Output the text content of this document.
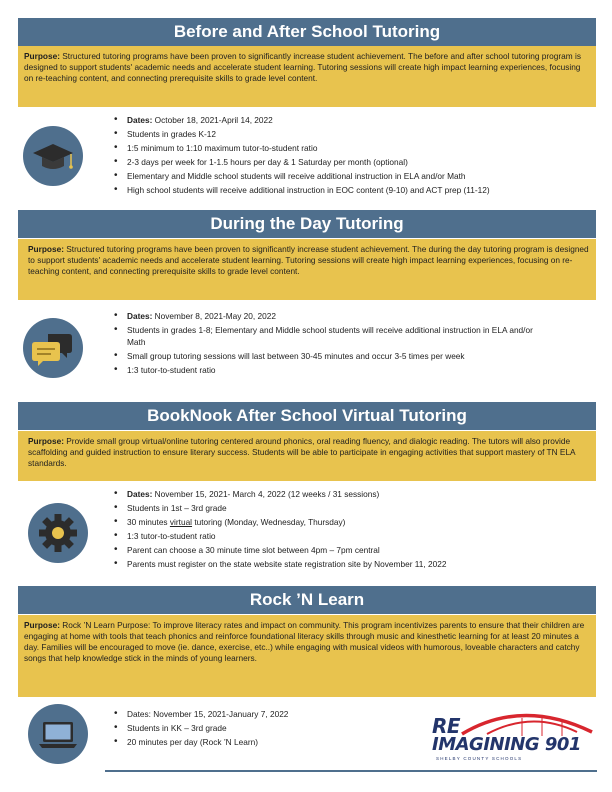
Before and After School Tutoring
Purpose: Structured tutoring programs have been proven to significantly increase student achievement. The before and after school tutoring program is designed to support students' academic needs and accelerate student learning. Tutoring sessions will create high impact learning experiences, focusing on re-teaching content, and connecting prerequisite skills to grade level content.
• Dates: October 18, 2021-April 14, 2022
• Students in grades K-12
• 1:5 minimum to 1:10 maximum tutor-to-student ratio
• 2-3 days per week for 1-1.5 hours per day & 1 Saturday per month (optional)
• Elementary and Middle school students will receive additional instruction in ELA and/or Math
• High school students will receive additional instruction in EOC content (9-10) and ACT prep (11-12)
During the Day Tutoring
Purpose: Structured tutoring programs have been proven to significantly increase student achievement. The during the day tutoring program is designed to support students' academic needs and accelerate student learning. Tutoring sessions will create high impact learning experiences, focusing on re-teaching content, and connecting prerequisite skills to grade level content.
• Dates: November 8, 2021-May 20, 2022
• Students in grades 1-8; Elementary and Middle school students will receive additional instruction in ELA and/or Math
• Small group tutoring sessions will last between 30-45 minutes and occur 3-5 times per week
• 1:3 tutor-to-student ratio
BookNook After School Virtual Tutoring
Purpose: Provide small group virtual/online tutoring centered around phonics, oral reading fluency, and dialogic reading. The tutors will also provide scaffolding and guided instruction to ensure literary success. Students will be able to participate in engaging activities that support mastery of TN ELA standards.
• Dates: November 15, 2021- March 4, 2022 (12 weeks / 31 sessions)
• Students in 1st – 3rd grade
• 30 minutes virtual tutoring (Monday, Wednesday, Thursday)
• 1:3 tutor-to-student ratio
• Parent can choose a 30 minute time slot between 4pm – 7pm central
• Parents must register on the state website state registration site by November 11, 2022
Rock ’N Learn
Purpose: Rock ’N Learn Purpose: To improve literacy rates and impact on community. This program incentivizes parents to ensure that their children are engaging at home with tools that teach phonics and reinforce foundational literacy skills through music and kinesthetic learning for at least 20 minutes a day. Families will be encouraged to move (ie. dance, exercise, etc..) while engaging with musical videos with humorous, loveable characters and catchy songs that help knowledge stick in the minds of young learners.
• Dates: November 15, 2021-January 7, 2022
• Students in KK – 3rd grade
• 20 minutes per day (Rock ’N Learn)
RE
IMAGINING 901
SHELBY COUNTY SCHOOLS
